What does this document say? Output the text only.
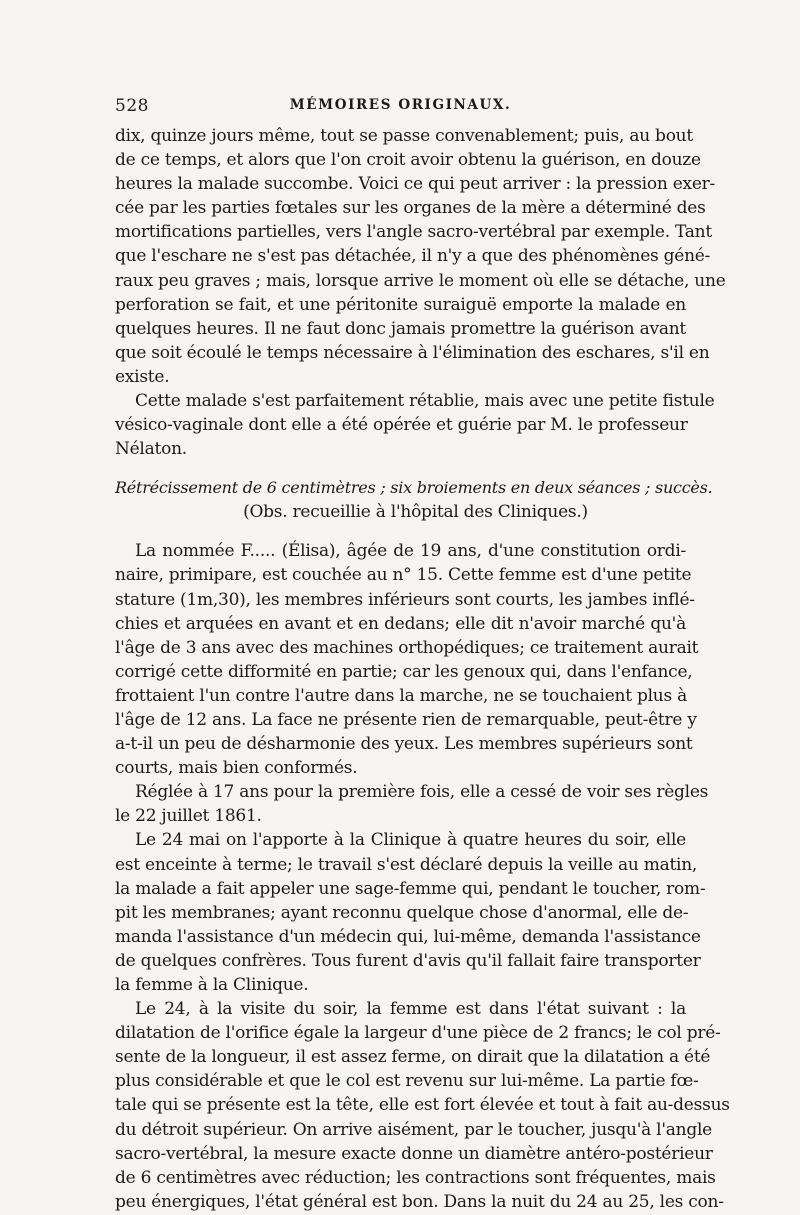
528	MÉMOIRES ORIGINAUX.
dix, quinze jours même, tout se passe convenablement; puis, au bout
de ce temps, et alors que l'on croit avoir obtenu la guérison, en douze
heures la malade succombe. Voici ce qui peut arriver : la pression exer-
cée par les parties fœtales sur les organes de la mère a déterminé des
mortifications partielles, vers l'angle sacro-vertébral par exemple. Tant
que l'eschare ne s'est pas détachée, il n'y a que des phénomènes géné-
raux peu graves ; mais, lorsque arrive le moment où elle se détache, une
perforation se fait, et une péritonite suraiguë emporte la malade en
quelques heures. Il ne faut donc jamais promettre la guérison avant
que soit écoulé le temps nécessaire à l'élimination des eschares, s'il en
existe.
Cette malade s'est parfaitement rétablie, mais avec une petite fistule
vésico-vaginale dont elle a été opérée et guérie par M. le professeur
Nélaton.
Rétrécissement de 6 centimètres ; six broiements en deux séances ; succès.
(Obs. recueillie à l'hôpital des Cliniques.)
La nommée F..... (Élisa), âgée de 19 ans, d'une constitution ordi-
naire, primipare, est couchée au n° 15. Cette femme est d'une petite
stature (1m,30), les membres inférieurs sont courts, les jambes inflé-
chies et arquées en avant et en dedans; elle dit n'avoir marché qu'à
l'âge de 3 ans avec des machines orthopédiques; ce traitement aurait
corrigé cette difformité en partie; car les genoux qui, dans l'enfance,
frottaient l'un contre l'autre dans la marche, ne se touchaient plus à
l'âge de 12 ans. La face ne présente rien de remarquable, peut-être y
a-t-il un peu de désharmonie des yeux. Les membres supérieurs sont
courts, mais bien conformés.
Réglée à 17 ans pour la première fois, elle a cessé de voir ses règles
le 22 juillet 1861.
Le 24 mai on l'apporte à la Clinique à quatre heures du soir, elle
est enceinte à terme; le travail s'est déclaré depuis la veille au matin,
la malade a fait appeler une sage-femme qui, pendant le toucher, rom-
pit les membranes; ayant reconnu quelque chose d'anormal, elle de-
manda l'assistance d'un médecin qui, lui-même, demanda l'assistance
de quelques confrères. Tous furent d'avis qu'il fallait faire transporter
la femme à la Clinique.
Le 24, à la visite du soir, la femme est dans l'état suivant : la
dilatation de l'orifice égale la largeur d'une pièce de 2 francs; le col pré-
sente de la longueur, il est assez ferme, on dirait que la dilatation a été
plus considérable et que le col est revenu sur lui-même. La partie fœ-
tale qui se présente est la tête, elle est fort élevée et tout à fait au-dessus
du détroit supérieur. On arrive aisément, par le toucher, jusqu'à l'angle
sacro-vertébral, la mesure exacte donne un diamètre antéro-postérieur
de 6 centimètres avec réduction; les contractions sont fréquentes, mais
peu énergiques, l'état général est bon. Dans la nuit du 24 au 25, les con-
